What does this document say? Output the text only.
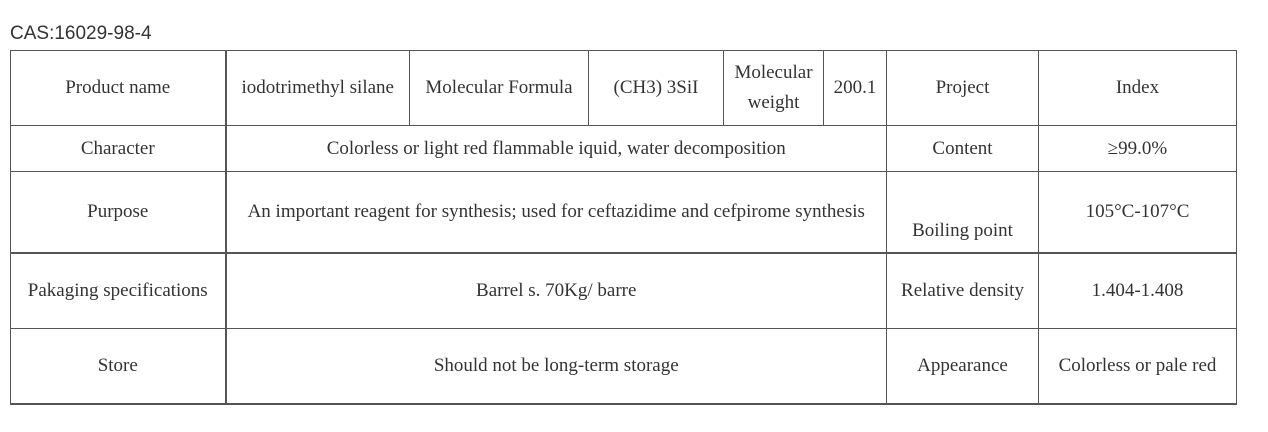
CAS:16029-98-4
Product name	iodotrimethyl silane	Molecular Formula	(CH3) 3SiI	Molecular weight	200.1	Project	Index
Character	Colorless or light red flammable iquid, water decomposition					Content	≥99.0%
Purpose	An important reagent for synthesis; used for ceftazidime and cefpirome synthesis					Boiling point	105°C-107°C
Pakaging specifications	Barrel s. 70Kg/ barre					Relative density	1.404-1.408
Store	Should not be long-term storage					Appearance	Colorless or pale red
